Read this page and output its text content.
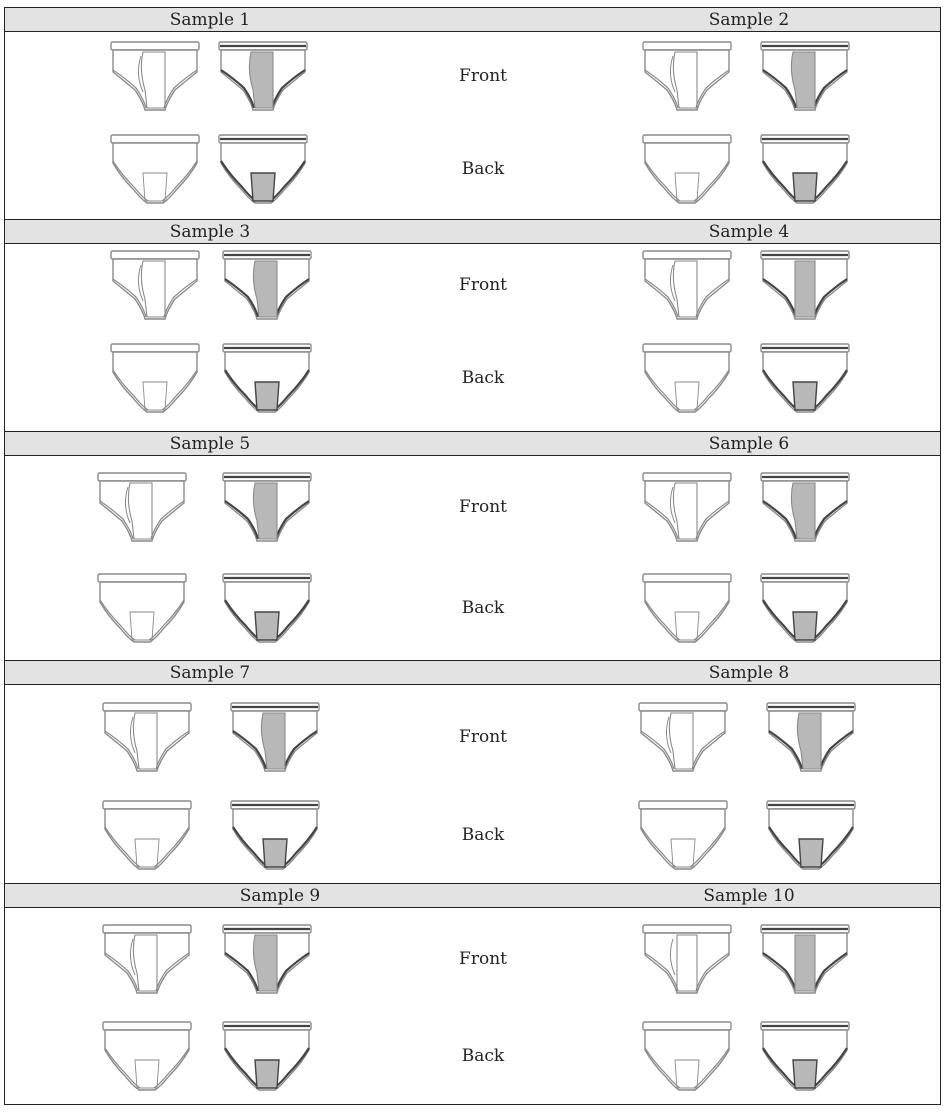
Sample 1	Sample 2
Front
Back
Sample 3	Sample 4
Front
Back
Sample 5	Sample 6
Front
Back
Sample 7	Sample 8
Front
Back
Sample 9	Sample 10
Front
Back
